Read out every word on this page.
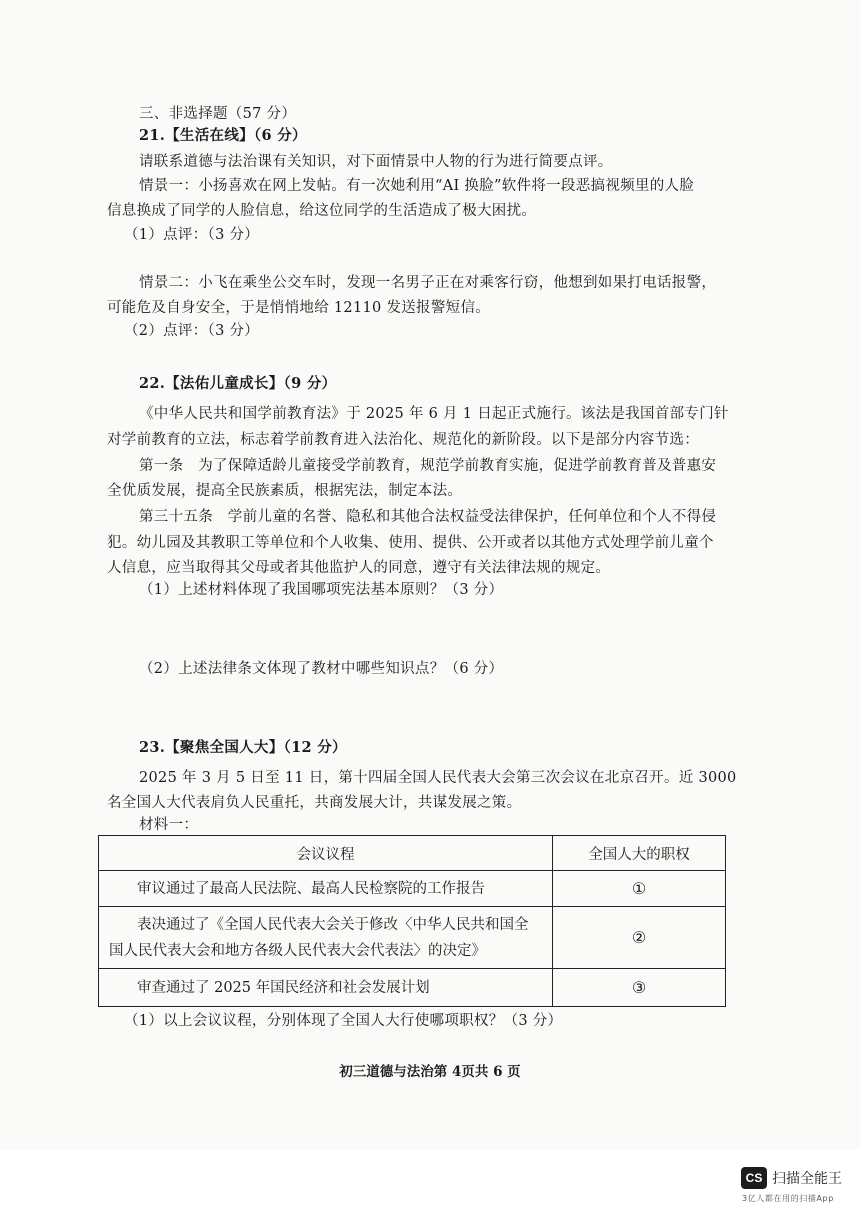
三、非选择题（57 分）
21.【生活在线】（6 分）
请联系道德与法治课有关知识，对下面情景中人物的行为进行简要点评。
情景一：小扬喜欢在网上发帖。有一次她利用“AI 换脸”软件将一段恶搞视频里的人脸
信息换成了同学的人脸信息，给这位同学的生活造成了极大困扰。
（1）点评：（3 分）
情景二：小飞在乘坐公交车时，发现一名男子正在对乘客行窃，他想到如果打电话报警，
可能危及自身安全，于是悄悄地给 12110 发送报警短信。
（2）点评：（3 分）
22.【法佑儿童成长】（9 分）
《中华人民共和国学前教育法》于 2025 年 6 月 1 日起正式施行。该法是我国首部专门针
对学前教育的立法，标志着学前教育进入法治化、规范化的新阶段。以下是部分内容节选：
第一条　为了保障适龄儿童接受学前教育，规范学前教育实施，促进学前教育普及普惠安
全优质发展，提高全民族素质，根据宪法，制定本法。
第三十五条　学前儿童的名誉、隐私和其他合法权益受法律保护，任何单位和个人不得侵
犯。幼儿园及其教职工等单位和个人收集、使用、提供、公开或者以其他方式处理学前儿童个
人信息，应当取得其父母或者其他监护人的同意，遵守有关法律法规的规定。
（1）上述材料体现了我国哪项宪法基本原则？（3 分）
（2）上述法律条文体现了教材中哪些知识点？（6 分）
23.【聚焦全国人大】（12 分）
2025 年 3 月 5 日至 11 日，第十四届全国人民代表大会第三次会议在北京召开。近 3000
名全国人大代表肩负人民重托，共商发展大计，共谋发展之策。
材料一：
会议议程	全国人大的职权
审议通过了最高人民法院、最高人民检察院的工作报告	①
表决通过了《全国人民代表大会关于修改〈中华人民共和国全国人民代表大会和地方各级人民代表大会代表法〉的决定》	②
审查通过了 2025 年国民经济和社会发展计划	③
（1）以上会议议程，分别体现了全国人大行使哪项职权？（3 分）
初三道德与法治第 4页共 6 页
CS 扫描全能王
3亿人都在用的扫描App
